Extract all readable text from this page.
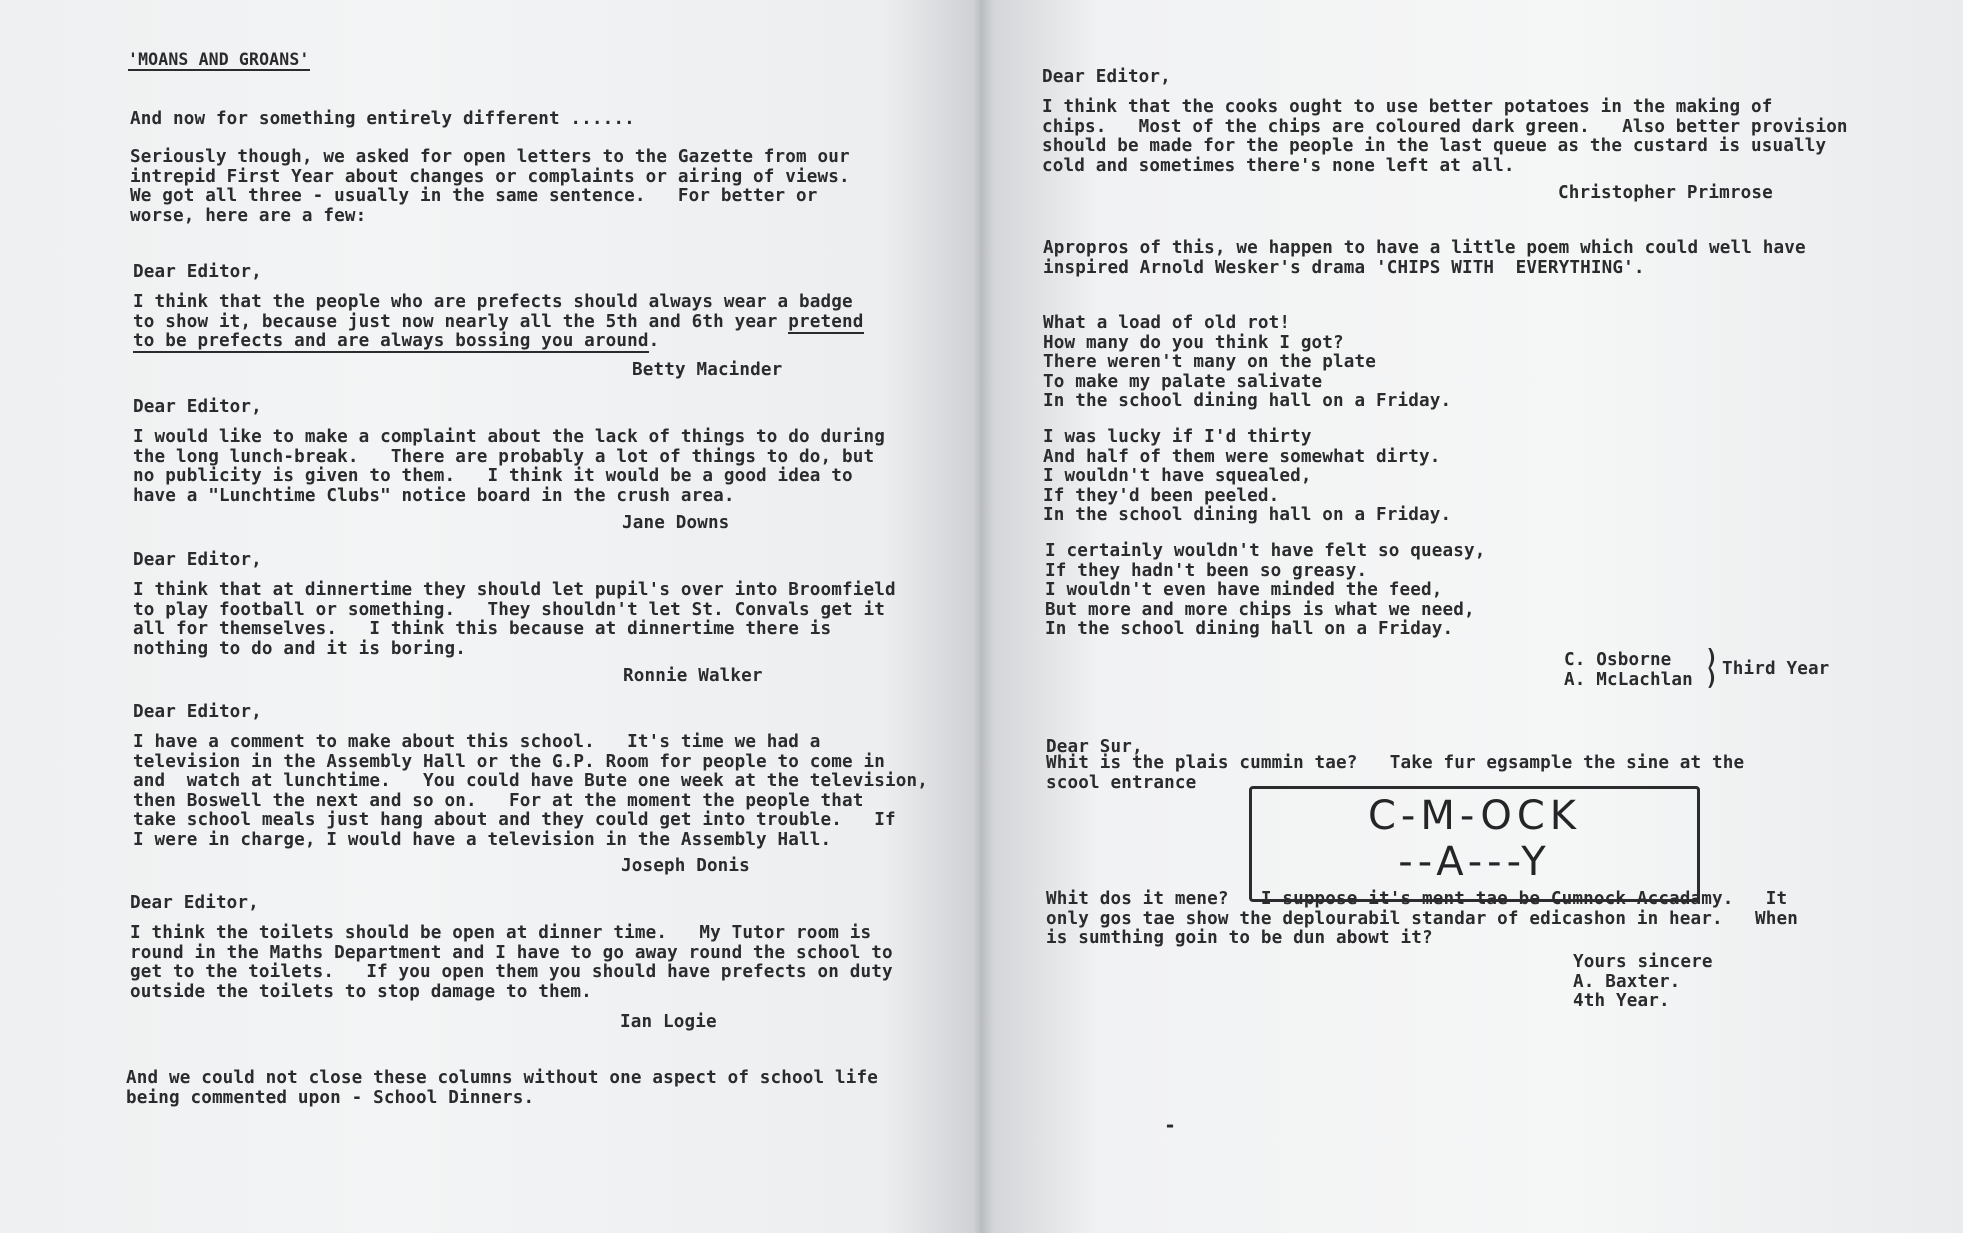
'MOANS AND GROANS'

And now for something entirely different ......

Seriously though, we asked for open letters to the Gazette from our
intrepid First Year about changes or complaints or airing of views.
We got all three - usually in the same sentence.   For better or
worse, here are a few:

Dear Editor,

I think that the people who are prefects should always wear a badge
to show it, because just now nearly all the 5th and 6th year pretend
to be prefects and are always bossing you around.

Betty Macinder

Dear Editor,

I would like to make a complaint about the lack of things to do during
the long lunch-break.   There are probably a lot of things to do, but
no publicity is given to them.   I think it would be a good idea to
have a "Lunchtime Clubs" notice board in the crush area.

Jane Downs

Dear Editor,

I think that at dinnertime they should let pupil's over into Broomfield
to play football or something.   They shouldn't let St. Convals get it
all for themselves.   I think this because at dinnertime there is
nothing to do and it is boring.

Ronnie Walker

Dear Editor,

I have a comment to make about this school.   It's time we had a
television in the Assembly Hall or the G.P. Room for people to come in
and  watch at lunchtime.   You could have Bute one week at the television,
then Boswell the next and so on.   For at the moment the people that
take school meals just hang about and they could get into trouble.   If
I were in charge, I would have a television in the Assembly Hall.

Joseph Donis

Dear Editor,

I think the toilets should be open at dinner time.   My Tutor room is
round in the Maths Department and I have to go away round the school to
get to the toilets.   If you open them you should have prefects on duty
outside the toilets to stop damage to them.

Ian Logie

And we could not close these columns without one aspect of school life
being commented upon - School Dinners.

Dear Editor,

I think that the cooks ought to use better potatoes in the making of
chips.   Most of the chips are coloured dark green.   Also better provision
should be made for the people in the last queue as the custard is usually
cold and sometimes there's none left at all.

Christopher Primrose

Apropros of this, we happen to have a little poem which could well have
inspired Arnold Wesker's drama 'CHIPS WITH  EVERYTHING'.

What a load of old rot!
How many do you think I got?
There weren't many on the plate
To make my palate salivate
In the school dining hall on a Friday.

I was lucky if I'd thirty
And half of them were somewhat dirty.
I wouldn't have squealed,
If they'd been peeled.
In the school dining hall on a Friday.

I certainly wouldn't have felt so queasy,
If they hadn't been so greasy.
I wouldn't even have minded the feed,
But more and more chips is what we need,
In the school dining hall on a Friday.

C. Osborne

A. McLachlan

)
) Third Year

Dear Sur,

Whit is the plais cummin tae?   Take fur egsample the sine at the
scool entrance

C-M-OCK
--A---Y

Whit dos it mene?   I suppose it's ment tae be Cumnock Accadamy.   It
only gos tae show the deplourabil standar of edicashon in hear.   When
is sumthing goin to be dun abowt it?

Yours sincere
A. Baxter.
4th Year.

-
